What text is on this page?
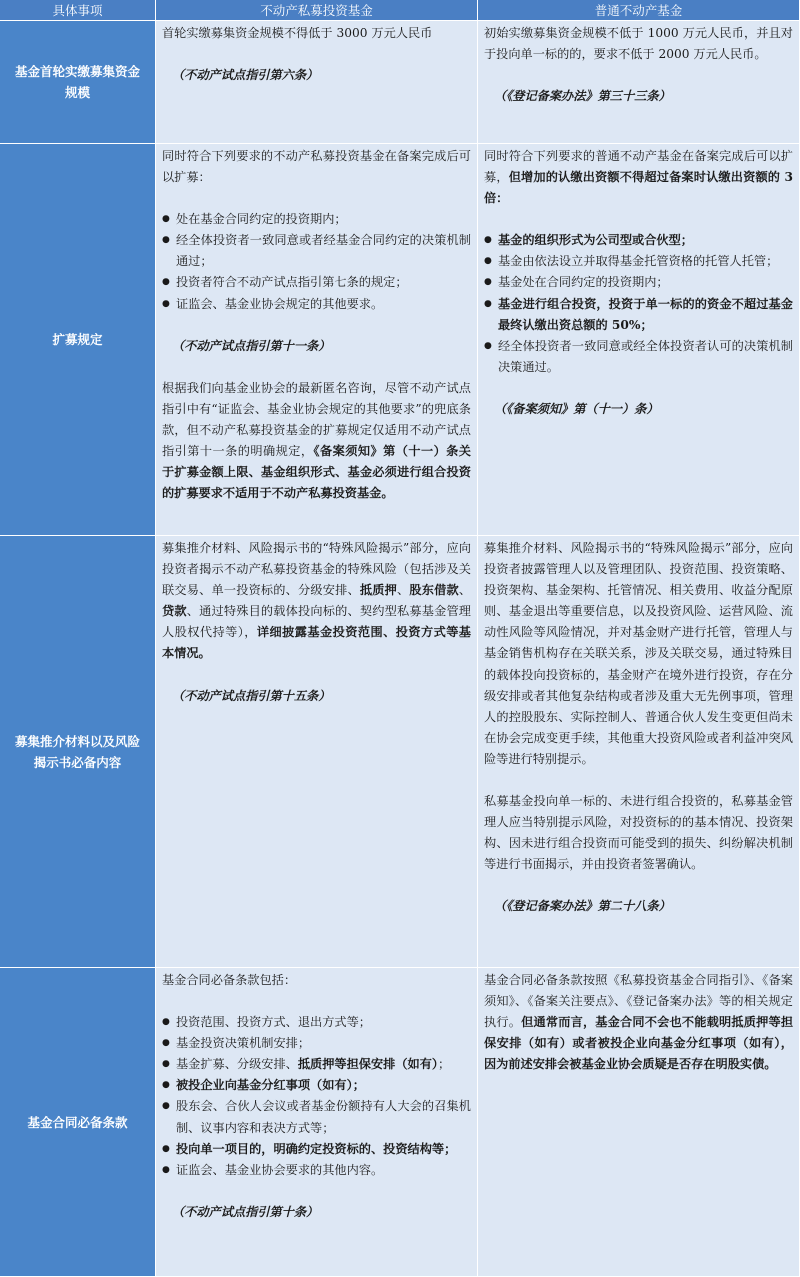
具体事项	不动产私募投资基金	普通不动产基金
基金首轮实缴募集资金规模

首轮实缴募集资金规模不得低于 3000 万元人民币

（不动产试点指引第六条）

初始实缴募集资金规模不低于 1000 万元人民币，并且对于投向单一标的的，要求不低于 2000 万元人民币。

（《登记备案办法》第三十三条）

扩募规定

同时符合下列要求的不动产私募投资基金在备案完成后可以扩募：

● 处在基金合同约定的投资期内；
● 经全体投资者一致同意或者经基金合同约定的决策机制通过；
● 投资者符合不动产试点指引第七条的规定；
● 证监会、基金业协会规定的其他要求。

（不动产试点指引第十一条）

根据我们向基金业协会的最新匿名咨询，尽管不动产试点指引中有“证监会、基金业协会规定的其他要求”的兜底条款，但不动产私募投资基金的扩募规定仅适用不动产试点指引第十一条的明确规定，《备案须知》第（十一）条关于扩募金额上限、基金组织形式、基金必须进行组合投资的扩募要求不适用于不动产私募投资基金。

同时符合下列要求的普通不动产基金在备案完成后可以扩募，但增加的认缴出资额不得超过备案时认缴出资额的 3 倍：

● 基金的组织形式为公司型或合伙型；
● 基金由依法设立并取得基金托管资格的托管人托管；
● 基金处在合同约定的投资期内；
● 基金进行组合投资，投资于单一标的的资金不超过基金最终认缴出资总额的 50%；
● 经全体投资者一致同意或经全体投资者认可的决策机制决策通过。

（《备案须知》第（十一）条）

募集推介材料以及风险揭示书必备内容

募集推介材料、风险揭示书的“特殊风险揭示”部分，应向投资者揭示不动产私募投资基金的特殊风险（包括涉及关联交易、单一投资标的、分级安排、抵质押、股东借款、贷款、通过特殊目的载体投向标的、契约型私募基金管理人股权代持等），详细披露基金投资范围、投资方式等基本情况。

（不动产试点指引第十五条）

募集推介材料、风险揭示书的“特殊风险揭示”部分，应向投资者披露管理人以及管理团队、投资范围、投资策略、投资架构、基金架构、托管情况、相关费用、收益分配原则、基金退出等重要信息，以及投资风险、运营风险、流动性风险等风险情况，并对基金财产进行托管，管理人与基金销售机构存在关联关系，涉及关联交易，通过特殊目的载体投向投资标的，基金财产在境外进行投资，存在分级安排或者其他复杂结构或者涉及重大无先例事项，管理人的控股股东、实际控制人、普通合伙人发生变更但尚未在协会完成变更手续，其他重大投资风险或者利益冲突风险等进行特别提示。

私募基金投向单一标的、未进行组合投资的，私募基金管理人应当特别提示风险，对投资标的的基本情况、投资架构、因未进行组合投资而可能受到的损失、纠纷解决机制等进行书面揭示，并由投资者签署确认。

（《登记备案办法》第二十八条）

基金合同必备条款

基金合同必备条款包括：

● 投资范围、投资方式、退出方式等；
● 基金投资决策机制安排；
● 基金扩募、分级安排、抵质押等担保安排（如有）；
● 被投企业向基金分红事项（如有）；
● 股东会、合伙人会议或者基金份额持有人大会的召集机制、议事内容和表决方式等；
● 投向单一项目的，明确约定投资标的、投资结构等；
● 证监会、基金业协会要求的其他内容。

（不动产试点指引第十条）

基金合同必备条款按照《私募投资基金合同指引》、《备案须知》、《备案关注要点》、《登记备案办法》等的相关规定执行。但通常而言，基金合同不会也不能载明抵质押等担保安排（如有）或者被投企业向基金分红事项（如有），因为前述安排会被基金业协会质疑是否存在明股实债。
